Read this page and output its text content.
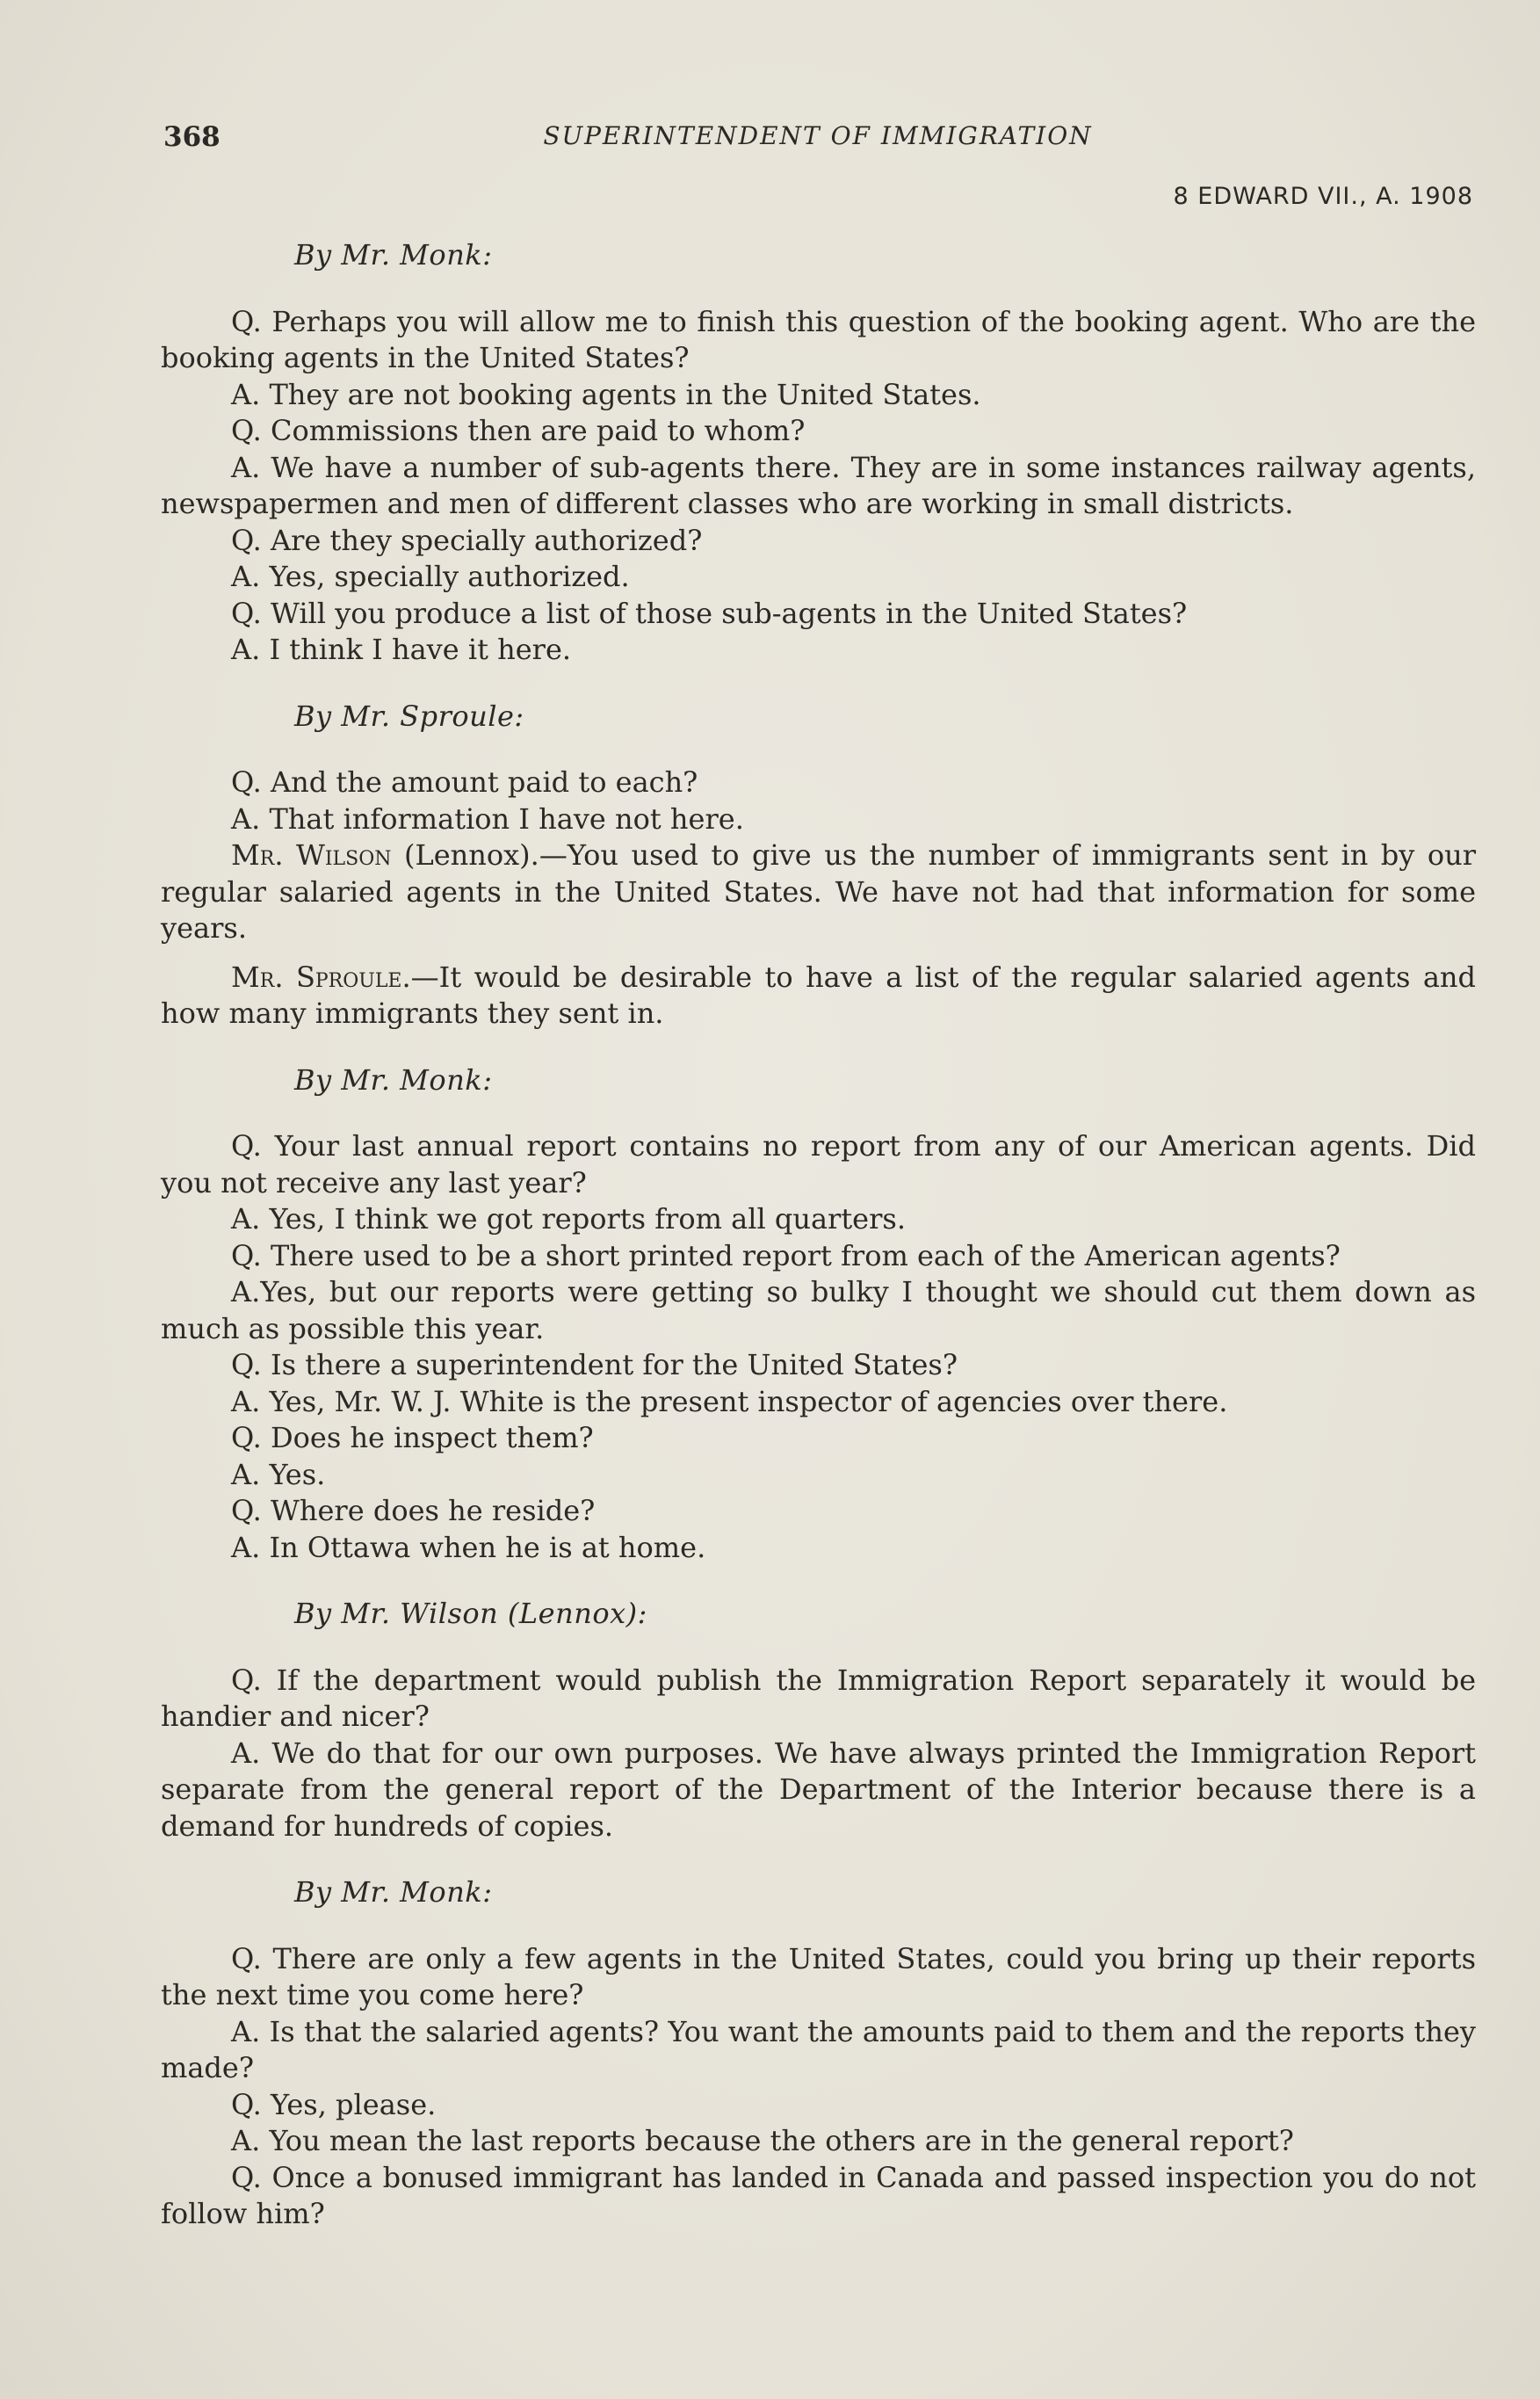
368	SUPERINTENDENT OF IMMIGRATION
8 EDWARD VII., A. 1908

By Mr. Monk:

Q. Perhaps you will allow me to finish this question of the booking agent. Who are the booking agents in the United States?

A. They are not booking agents in the United States.

Q. Commissions then are paid to whom?

A. We have a number of sub-agents there. They are in some instances railway agents, newspapermen and men of different classes who are working in small districts.

Q. Are they specially authorized?

A. Yes, specially authorized.

Q. Will you produce a list of those sub-agents in the United States?

A. I think I have it here.

By Mr. Sproule:

Q. And the amount paid to each?

A. That information I have not here.

Mr. Wilson (Lennox).—You used to give us the number of immigrants sent in by our regular salaried agents in the United States. We have not had that information for some years.

Mr. Sproule.—It would be desirable to have a list of the regular salaried agents and how many immigrants they sent in.

By Mr. Monk:

Q. Your last annual report contains no report from any of our American agents. Did you not receive any last year?

A. Yes, I think we got reports from all quarters.

Q. There used to be a short printed report from each of the American agents?

A.Yes, but our reports were getting so bulky I thought we should cut them down as much as possible this year.

Q. Is there a superintendent for the United States?

A. Yes, Mr. W. J. White is the present inspector of agencies over there.

Q. Does he inspect them?

A. Yes.

Q. Where does he reside?

A. In Ottawa when he is at home.

By Mr. Wilson (Lennox):

Q. If the department would publish the Immigration Report separately it would be handier and nicer?

A. We do that for our own purposes. We have always printed the Immigration Report separate from the general report of the Department of the Interior because there is a demand for hundreds of copies.

By Mr. Monk:

Q. There are only a few agents in the United States, could you bring up their reports the next time you come here?

A. Is that the salaried agents? You want the amounts paid to them and the reports they made?

Q. Yes, please.

A. You mean the last reports because the others are in the general report?

Q. Once a bonused immigrant has landed in Canada and passed inspection you do not follow him?
